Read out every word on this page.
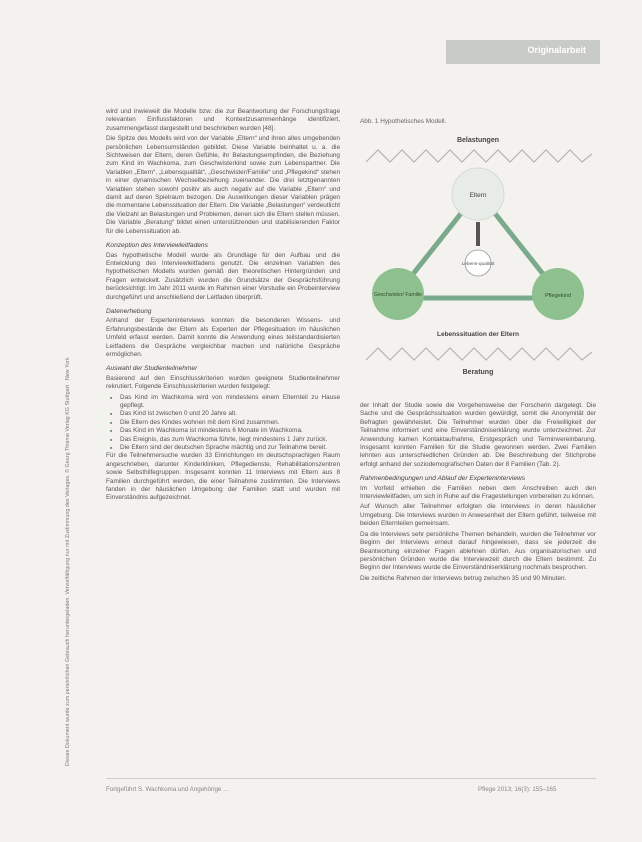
Originalarbeit
Dieses Dokument wurde zum persönlichen Gebrauch heruntergeladen. Vervielfältigung nur mit Zustimmung des Verlages. © Georg Thieme Verlag KG Stuttgart · New York

wird und inwieweit die Modelle bzw. die zur Beantwortung der Forschungsfrage relevanten Einflussfaktoren und Kontextzusammenhänge identifiziert, zusammengefasst dargestellt und beschrieben wurden [48].

Die Spitze des Modells wird von der Variable „Eltern“ und ihren alles umgebenden persönlichen Lebensumständen gebildet. Diese Variable beinhaltet u. a. die Sichtweisen der Eltern, deren Gefühle, ihr Belastungsempfinden, die Beziehung zum Kind im Wachkoma, zum Geschwisterkind sowie zum Lebenspartner. Die Variablen „Eltern“, „Lebensqualität“, „Geschwister/Familie“ und „Pflegekind“ stehen in einer dynamischen Wechselbeziehung zueinander. Die drei letztgenannten Variablen stehen sowohl positiv als auch negativ auf die Variable „Eltern“ und damit auf deren Spielraum bezogen. Die Auswirkungen dieser Variablen prägen die momentane Lebenssituation der Eltern. Die Variable „Belastungen“ verdeutlicht die Vielzahl an Belastungen und Problemen, denen sich die Eltern stellen müssen. Die Variable „Beratung“ bildet einen unterstützenden und stabilisierenden Faktor für die Lebenssituation ab.

Konzeption des Interviewleitfadens

Das hypothetische Modell wurde als Grundlage für den Aufbau und die Entwicklung des Interviewleitfadens genutzt. Die einzelnen Variablen des hypothetischen Modells wurden gemäß den theoretischen Hintergründen und Fragen entwickelt. Zusätzlich wurden die Grundsätze der Gesprächsführung berücksichtigt. Im Jahr 2011 wurde im Rahmen einer Vorstudie ein Probeinterview durchgeführt und anschließend der Leitfaden überprüft.

Datenerhebung

Anhand der Experteninterviews konnten die besonderen Wissens- und Erfahrungsbestände der Eltern als Experten der Pflegesituation im häuslichen Umfeld erfasst werden. Damit konnte die Anwendung eines teilstandardisierten Leitfadens die Gespräche vergleichbar machen und natürliche Gespräche ermöglichen.

Auswahl der Studienteilnehmer

Basierend auf den Einschlusskriterien wurden geeignete Studienteilnehmer rekrutiert. Folgende Einschlusskriterien wurden festgelegt:

■ Das Kind im Wachkoma wird von mindestens einem Elternteil zu Hause gepflegt.
■ Das Kind ist zwischen 0 und 20 Jahre alt.
■ Die Eltern des Kindes wohnen mit dem Kind zusammen.
■ Das Kind im Wachkoma ist mindestens 6 Monate im Wachkoma.
■ Das Ereignis, das zum Wachkoma führte, liegt mindestens 1 Jahr zurück.
■ Die Eltern sind der deutschen Sprache mächtig und zur Teilnahme bereit.

Für die Teilnehmersuche wurden 33 Einrichtungen im deutschsprachigen Raum angeschrieben, darunter Kinderkliniken, Pflegedienste, Rehabilitationszentren sowie Selbsthilfegruppen. Insgesamt konnten 11 Interviews mit Eltern aus 8 Familien durchgeführt werden, die einer Teilnahme zustimmten. Die Interviews fanden in der häuslichen Umgebung der Familien statt und wurden mit Einverständnis aufgezeichnet.

Abb. 1 Hypothetisches Modell.
Belastungen
Eltern
Lebens-qualität
Geschwister/ Familie	Pflegekind
Lebenssituation der Eltern
Beratung

der Inhalt der Studie sowie die Vorgehensweise der Forscherin dargelegt. Die Sache und die Gesprächssituation wurden gewürdigt, somit die Anonymität der Befragten gewährleistet. Die Teilnehmer wurden über die Freiwilligkeit der Teilnahme informiert und eine Einverständniserklärung wurde unterzeichnet. Zur Anwendung kamen Kontaktaufnahme, Erstgespräch und Terminvereinbarung. Insgesamt konnten Familien für die Studie gewonnen werden. Zwei Familien lehnten aus unterschiedlichen Gründen ab. Die Beschreibung der Stichprobe erfolgt anhand der soziodemografischen Daten der 8 Familien (Tab. 2).

Rahmenbedingungen und Ablauf der Experteninterviews

Im Vorfeld erhielten die Familien neben dem Anschreiben auch den Interviewleitfaden, um sich in Ruhe auf die Fragestellungen vorbereiten zu können.

Auf Wunsch aller Teilnehmer erfolgten die Interviews in deren häuslicher Umgebung. Die Interviews wurden in Anwesenheit der Eltern geführt, teilweise mit beiden Elternteilen gemeinsam.

Da die Interviews sehr persönliche Themen behandeln, wurden die Teilnehmer vor Beginn der Interviews erneut darauf hingewiesen, dass sie jederzeit die Beantwortung einzelner Fragen ablehnen dürfen. Aus organisatorischen und persönlichen Gründen wurde die Interviewzeit durch die Eltern bestimmt. Zu Beginn der Interviews wurde die Einverständniserklärung nochmals besprochen.

Die zeitliche Rahmen der Interviews betrug zwischen 35 und 90 Minuten.

Fortgeführt S. Wachkoma und Angehörige …	Pflege 2013; 16(3): 155–165
